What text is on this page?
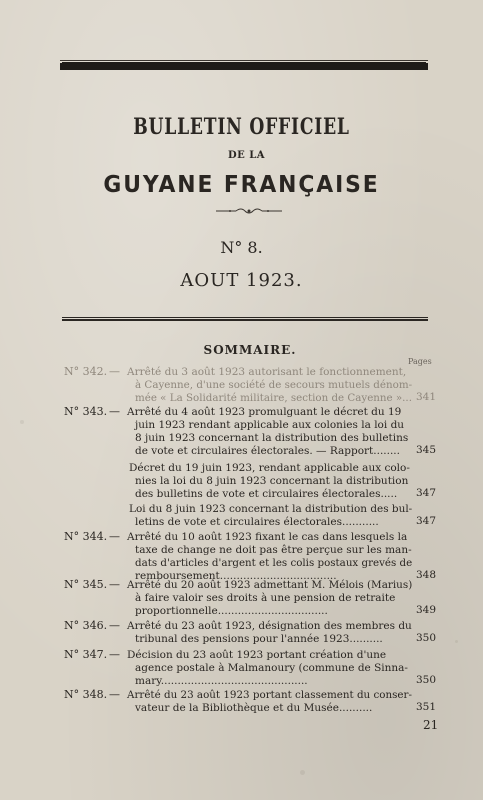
BULLETIN OFFICIEL
DE LA
GUYANE FRANÇAISE
N° 8.
AOUT 1923.
SOMMAIRE.
Pages
N° 342. — Arrêté du 3 août 1923 autorisant le fonctionnement,
à Cayenne, d'une société de secours mutuels dénom-
mée « La Solidarité militaire, section de Cayenne »... 341
N° 343. — Arrêté du 4 août 1923 promulguant le décret du 19
juin 1923 rendant applicable aux colonies la loi du
8 juin 1923 concernant la distribution des bulletins
de vote et circulaires électorales. — Rapport........ 345
Décret du 19 juin 1923, rendant applicable aux colo-
nies la loi du 8 juin 1923 concernant la distribution
des bulletins de vote et circulaires électorales..... 347
Loi du 8 juin 1923 concernant la distribution des bul-
letins de vote et circulaires électorales...........	347
N° 344. — Arrêté du 10 août 1923 fixant le cas dans lesquels la
taxe de change ne doit pas être perçue sur les man-
dats d'articles d'argent et les colis postaux grevés de
remboursement...................................	348
N° 345. — Arrêté du 20 août 1923 admettant M. Mélois (Marius)
à faire valoir ses droits à une pension de retraite
proportionnelle.................................	349
N° 346. — Arrêté du 23 août 1923, désignation des membres du
tribunal des pensions pour l'année 1923..........	350
N° 347. — Décision du 23 août 1923 portant création d'une
agence postale à Malmanoury (commune de Sinna-
mary............................................	350
N° 348. — Arrêté du 23 août 1923 portant classement du conser-
vateur de la Bibliothèque et du Musée..........	351
21
